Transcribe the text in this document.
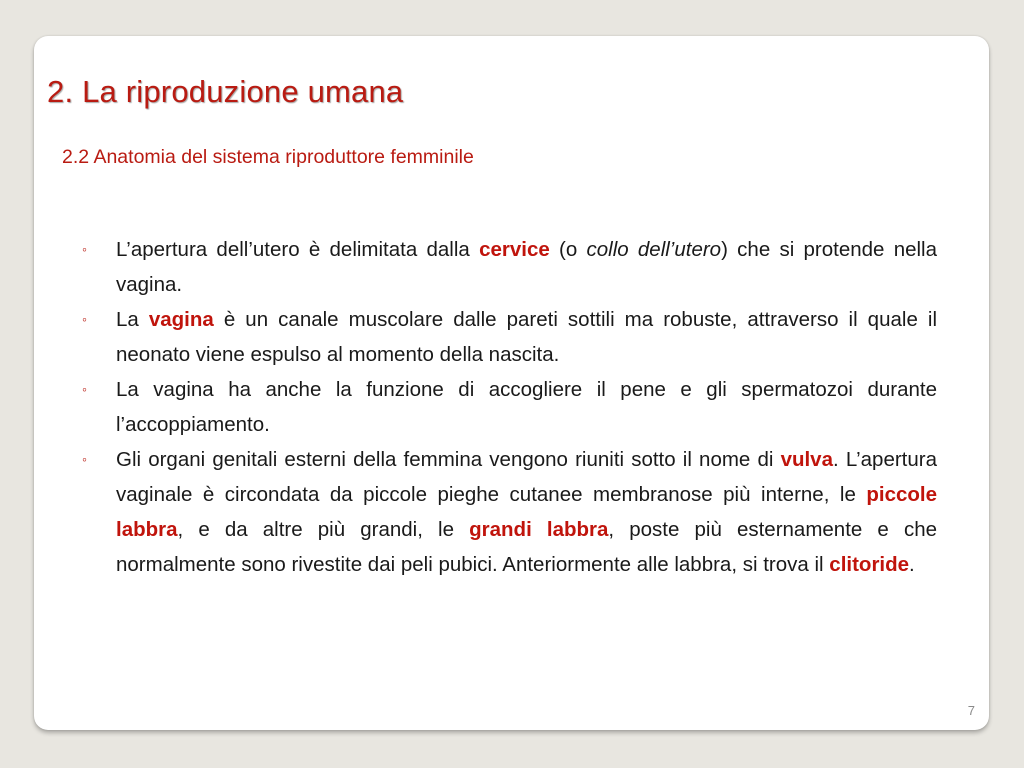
2. La riproduzione umana
2.2 Anatomia del sistema riproduttore femminile
◦ L’apertura dell’utero è delimitata dalla cervice (o collo dell’utero) che si protende nella vagina.
◦ La vagina è un canale muscolare dalle pareti sottili ma robuste, attraverso il quale il neonato viene espulso al momento della nascita.
◦ La vagina ha anche la funzione di accogliere il pene e gli spermatozoi durante l’accoppiamento.
◦ Gli organi genitali esterni della femmina vengono riuniti sotto il nome di vulva. L’apertura vaginale è circondata da piccole pieghe cutanee membranose più interne, le piccole labbra, e da altre più grandi, le grandi labbra, poste più esternamente e che normalmente sono rivestite dai peli pubici. Anteriormente alle labbra, si trova il clitoride.
7
